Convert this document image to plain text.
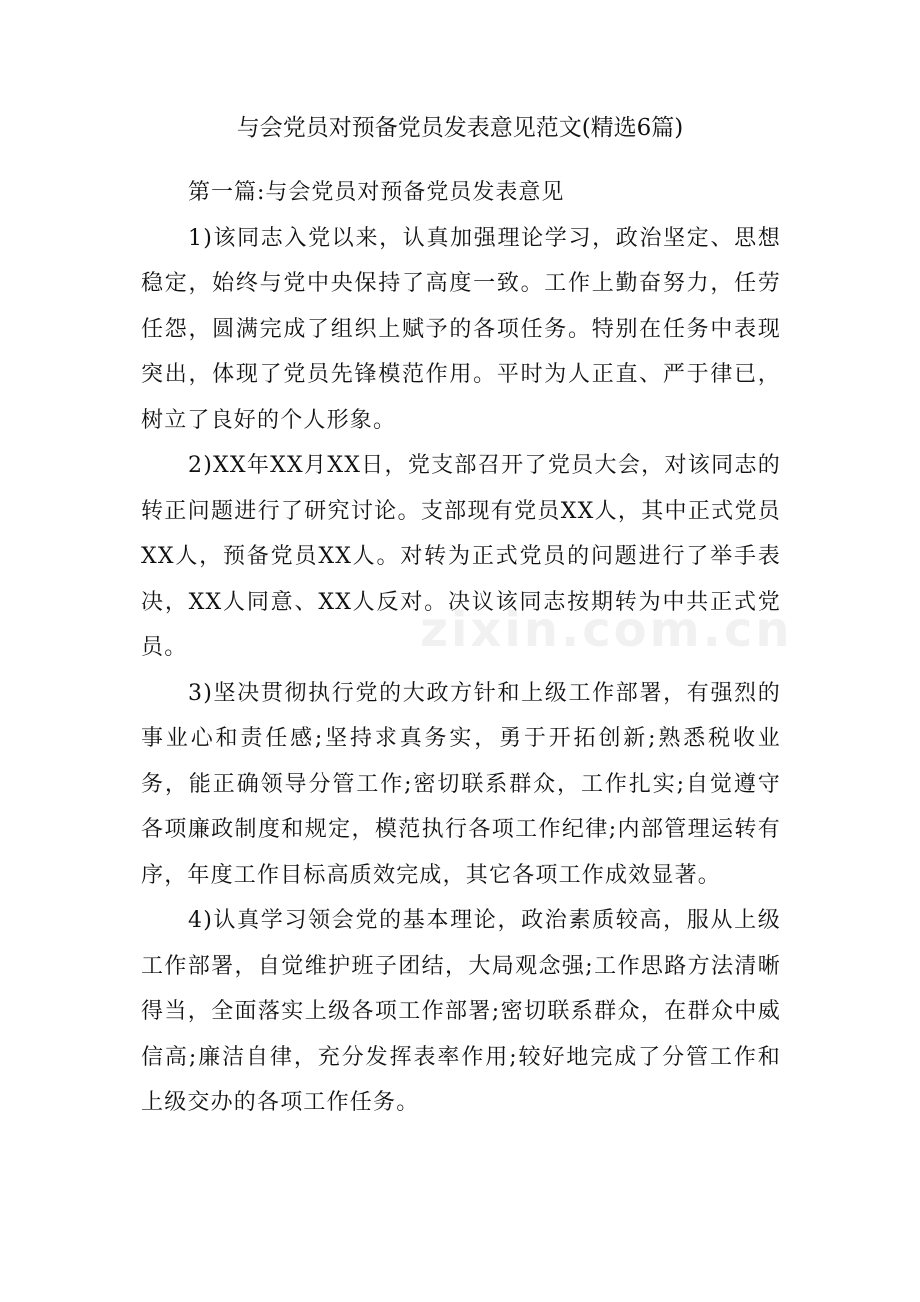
与会党员对预备党员发表意见范文(精选6篇)

第一篇:与会党员对预备党员发表意见

1)该同志入党以来，认真加强理论学习，政治坚定、思想稳定，始终与党中央保持了高度一致。工作上勤奋努力，任劳任怨，圆满完成了组织上赋予的各项任务。特别在任务中表现突出，体现了党员先锋模范作用。平时为人正直、严于律已，树立了良好的个人形象。

2)XX年XX月XX日，党支部召开了党员大会，对该同志的转正问题进行了研究讨论。支部现有党员XX人，其中正式党员XX人，预备党员XX人。对转为正式党员的问题进行了举手表决，XX人同意、XX人反对。决议该同志按期转为中共正式党员。

3)坚决贯彻执行党的大政方针和上级工作部署，有强烈的事业心和责任感;坚持求真务实，勇于开拓创新;熟悉税收业务，能正确领导分管工作;密切联系群众，工作扎实;自觉遵守各项廉政制度和规定，模范执行各项工作纪律;内部管理运转有序，年度工作目标高质效完成，其它各项工作成效显著。

4)认真学习领会党的基本理论，政治素质较高，服从上级工作部署，自觉维护班子团结，大局观念强;工作思路方法清晰得当，全面落实上级各项工作部署;密切联系群众，在群众中威信高;廉洁自律，充分发挥表率作用;较好地完成了分管工作和上级交办的各项工作任务。

zixin.com.cn
